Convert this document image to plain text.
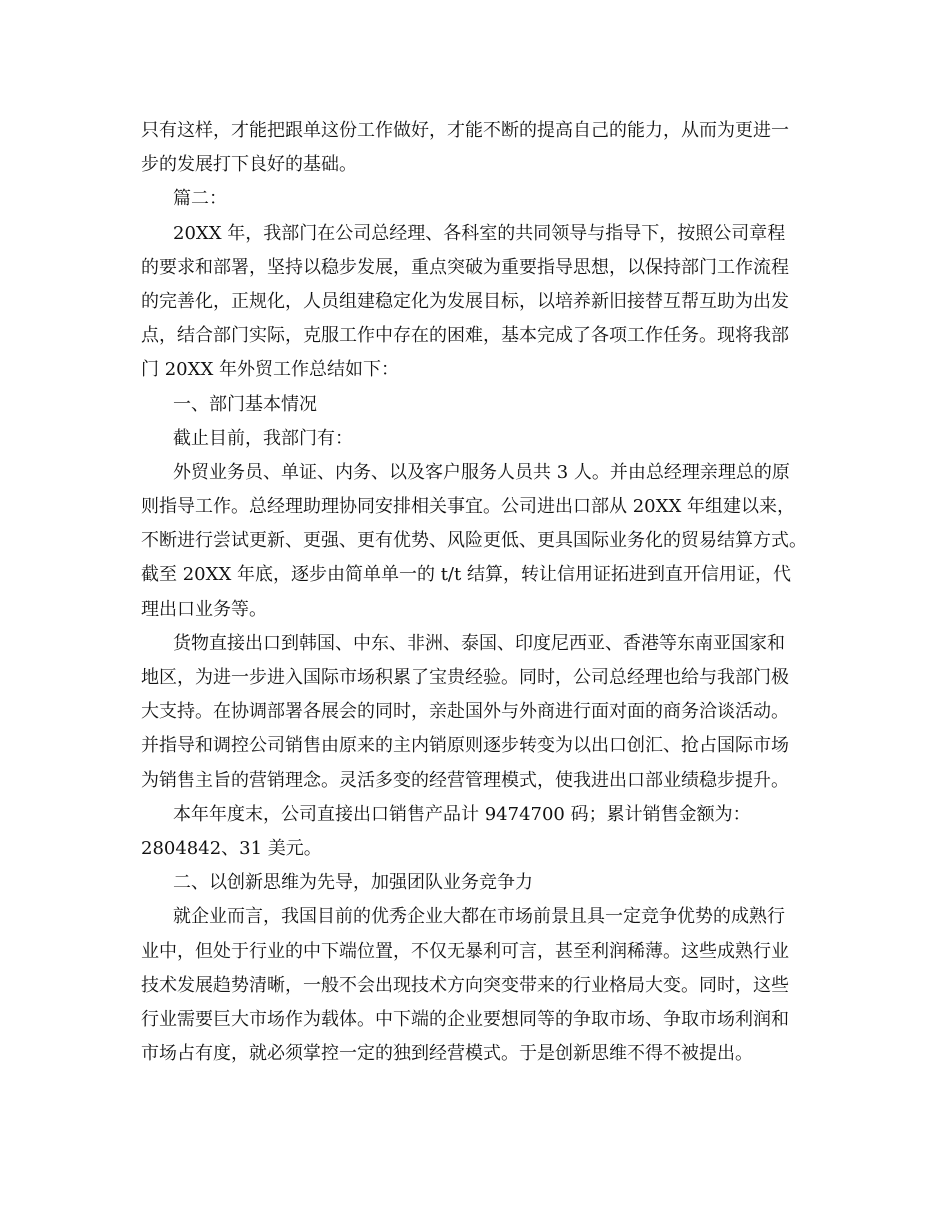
只有这样，才能把跟单这份工作做好，才能不断的提高自己的能力，从而为更进一
步的发展打下良好的基础。
篇二：
20XX 年，我部门在公司总经理、各科室的共同领导与指导下，按照公司章程
的要求和部署，坚持以稳步发展，重点突破为重要指导思想，以保持部门工作流程
的完善化，正规化，人员组建稳定化为发展目标，以培养新旧接替互帮互助为出发
点，结合部门实际，克服工作中存在的困难，基本完成了各项工作任务。现将我部
门 20XX 年外贸工作总结如下：
一、部门基本情况
截止目前，我部门有：
外贸业务员、单证、内务、以及客户服务人员共 3 人。并由总经理亲理总的原
则指导工作。总经理助理协同安排相关事宜。公司进出口部从 20XX 年组建以来，
不断进行尝试更新、更强、更有优势、风险更低、更具国际业务化的贸易结算方式。
截至 20XX 年底，逐步由简单单一的 t/t 结算，转让信用证拓进到直开信用证，代
理出口业务等。
货物直接出口到韩国、中东、非洲、泰国、印度尼西亚、香港等东南亚国家和
地区，为进一步进入国际市场积累了宝贵经验。同时，公司总经理也给与我部门极
大支持。在协调部署各展会的同时，亲赴国外与外商进行面对面的商务洽谈活动。
并指导和调控公司销售由原来的主内销原则逐步转变为以出口创汇、抢占国际市场
为销售主旨的营销理念。灵活多变的经营管理模式，使我进出口部业绩稳步提升。
本年年度末，公司直接出口销售产品计 9474700 码；累计销售金额为：
2804842、31 美元。
二、以创新思维为先导，加强团队业务竞争力
就企业而言，我国目前的优秀企业大都在市场前景且具一定竞争优势的成熟行
业中，但处于行业的中下端位置，不仅无暴利可言，甚至利润稀薄。这些成熟行业
技术发展趋势清晰，一般不会出现技术方向突变带来的行业格局大变。同时，这些
行业需要巨大市场作为载体。中下端的企业要想同等的争取市场、争取市场利润和
市场占有度，就必须掌控一定的独到经营模式。于是创新思维不得不被提出。
